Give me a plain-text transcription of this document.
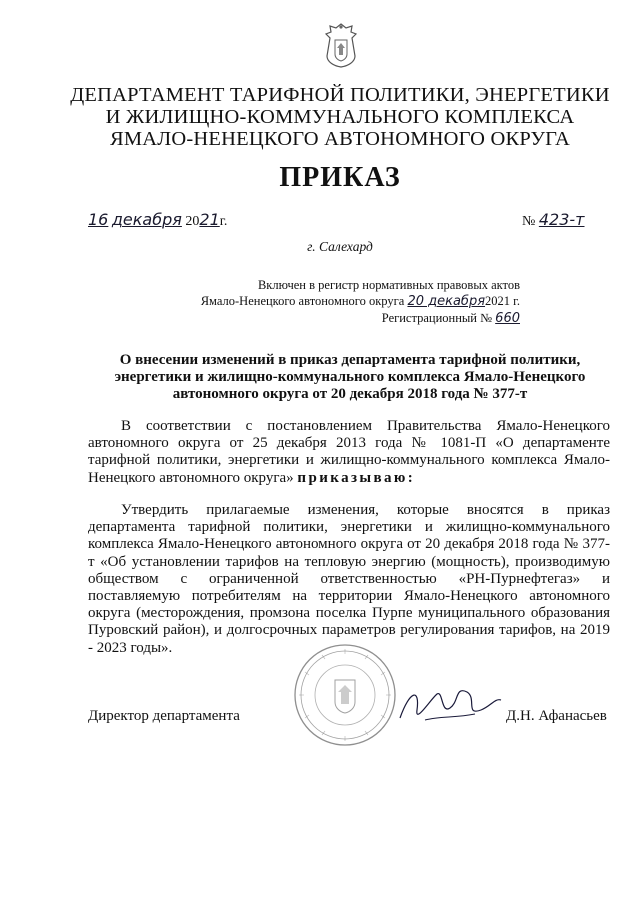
ДЕПАРТАМЕНТ ТАРИФНОЙ ПОЛИТИКИ, ЭНЕРГЕТИКИ
И ЖИЛИЩНО-КОММУНАЛЬНОГО КОМПЛЕКСА
ЯМАЛО-НЕНЕЦКОГО АВТОНОМНОГО ОКРУГА
ПРИКАЗ
16 декабря 2021г.	№ 423-т
г. Салехард
Включен в регистр нормативных правовых актов
Ямало-Ненецкого автономного округа 20 декабря2021 г.
Регистрационный № 660
О внесении изменений в приказ департамента тарифной политики,
энергетики и жилищно-коммунального комплекса Ямало-Ненецкого
автономного округа от 20 декабря 2018 года № 377-т
В соответствии с постановлением Правительства Ямало-Ненецкого автономного округа от 25 декабря 2013 года № 1081-П «О департаменте тарифной политики, энергетики и жилищно-коммунального комплекса Ямало-Ненецкого автономного округа» приказываю:
Утвердить прилагаемые изменения, которые вносятся в приказ департамента тарифной политики, энергетики и жилищно-коммунального комплекса Ямало-Ненецкого автономного округа от 20 декабря 2018 года № 377-т «Об установлении тарифов на тепловую энергию (мощность), производимую обществом с ограниченной ответственностью «РН-Пурнефтегаз» и поставляемую потребителям на территории Ямало-Ненецкого автономного округа (месторождения, промзона поселка Пурпе муниципального образования Пуровский район), и долгосрочных параметров регулирования тарифов, на 2019 - 2023 годы».
Директор департамента	Д.Н. Афанасьев
